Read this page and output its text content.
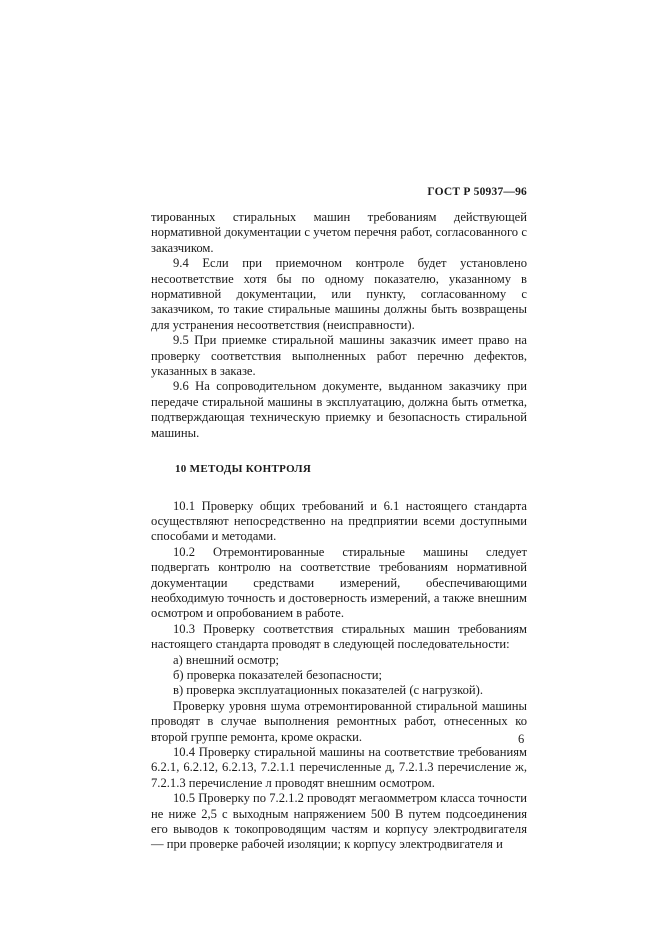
ГОСТ Р 50937—96

тированных стиральных машин требованиям действующей нормативной документации с учетом перечня работ, согласованного с заказчиком.

9.4 Если при приемочном контроле будет установлено несоответствие хотя бы по одному показателю, указанному в нормативной документации, или пункту, согласованному с заказчиком, то такие стиральные машины должны быть возвращены для устранения несоответствия (неисправности).

9.5 При приемке стиральной машины заказчик имеет право на проверку соответствия выполненных работ перечню дефектов, указанных в заказе.

9.6 На сопроводительном документе, выданном заказчику при передаче стиральной машины в эксплуатацию, должна быть отметка, подтверждающая техническую приемку и безопасность стиральной машины.

10 МЕТОДЫ КОНТРОЛЯ

10.1 Проверку общих требований и 6.1 настоящего стандарта осуществляют непосредственно на предприятии всеми доступными способами и методами.

10.2 Отремонтированные стиральные машины следует подвергать контролю на соответствие требованиям нормативной документации средствами измерений, обеспечивающими необходимую точность и достоверность измерений, а также внешним осмотром и опробованием в работе.

10.3 Проверку соответствия стиральных машин требованиям настоящего стандарта проводят в следующей последовательности:

а) внешний осмотр;
б) проверка показателей безопасности;
в) проверка эксплуатационных показателей (с нагрузкой).

Проверку уровня шума отремонтированной стиральной машины проводят в случае выполнения ремонтных работ, отнесенных ко второй группе ремонта, кроме окраски.

10.4 Проверку стиральной машины на соответствие требованиям 6.2.1, 6.2.12, 6.2.13, 7.2.1.1 перечисленные д, 7.2.1.3 перечисление ж, 7.2.1.3 перечисление л проводят внешним осмотром.

10.5 Проверку по 7.2.1.2 проводят мегаомметром класса точности не ниже 2,5 с выходным напряжением 500 В путем подсоединения его выводов к токопроводящим частям и корпусу электродвигателя — при проверке рабочей изоляции; к корпусу электродвигателя и

6
